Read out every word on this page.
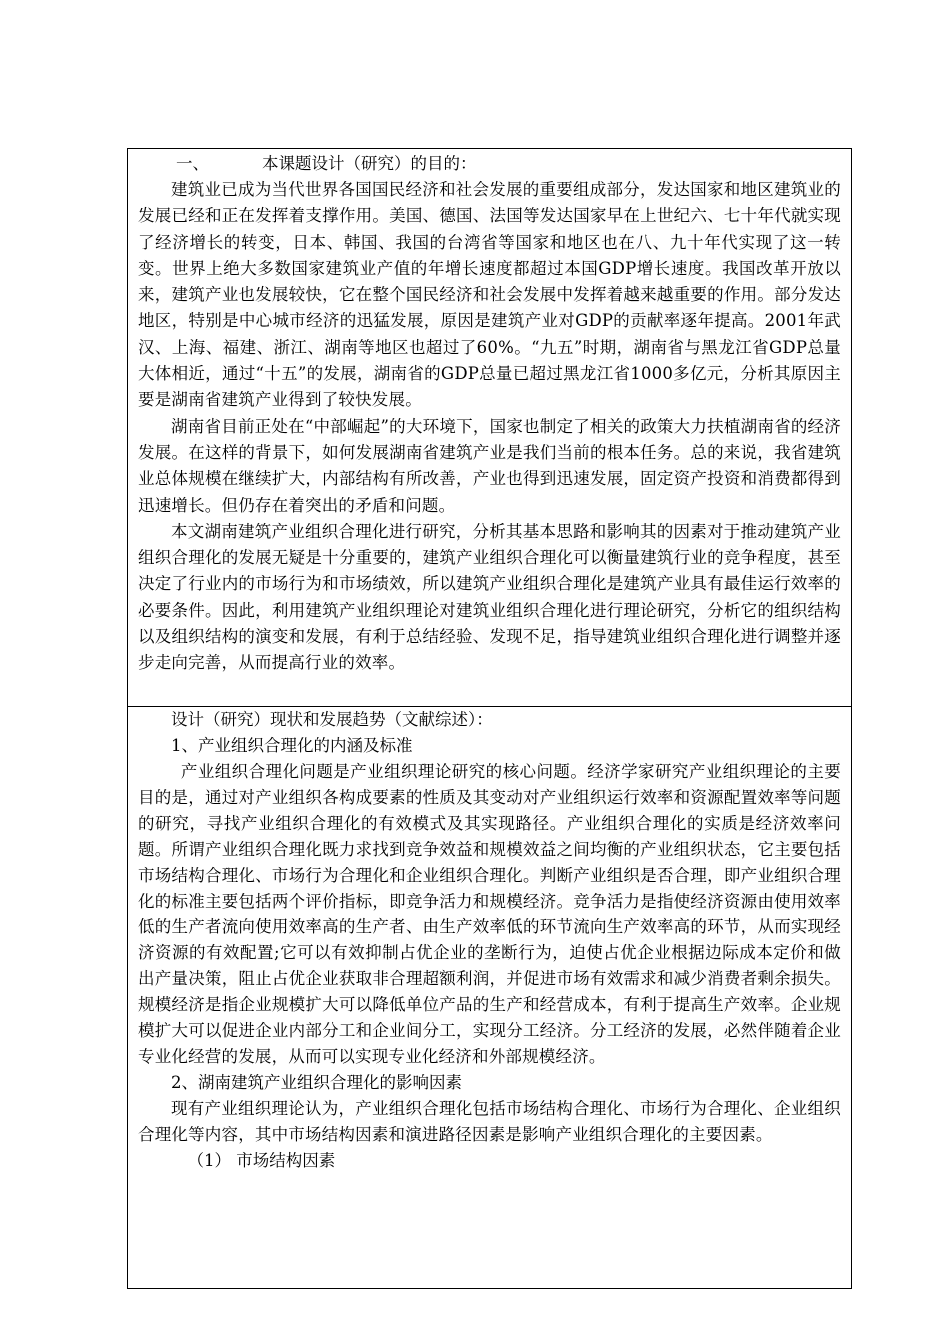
一、	本课题设计（研究）的目的：

建筑业已成为当代世界各国国民经济和社会发展的重要组成部分，发达国家和地区建筑业的发展已经和正在发挥着支撑作用。美国、德国、法国等发达国家早在上世纪六、七十年代就实现了经济增长的转变，日本、韩国、我国的台湾省等国家和地区也在八、九十年代实现了这一转变。世界上绝大多数国家建筑业产值的年增长速度都超过本国GDP增长速度。我国改革开放以来，建筑产业也发展较快，它在整个国民经济和社会发展中发挥着越来越重要的作用。部分发达地区，特别是中心城市经济的迅猛发展，原因是建筑产业对GDP的贡献率逐年提高。2001年武汉、上海、福建、浙江、湖南等地区也超过了60%。“九五”时期，湖南省与黑龙江省GDP总量大体相近，通过“十五”的发展，湖南省的GDP总量已超过黑龙江省1000多亿元，分析其原因主要是湖南省建筑产业得到了较快发展。

湖南省目前正处在“中部崛起”的大环境下，国家也制定了相关的政策大力扶植湖南省的经济发展。在这样的背景下，如何发展湖南省建筑产业是我们当前的根本任务。总的来说，我省建筑业总体规模在继续扩大，内部结构有所改善，产业也得到迅速发展，固定资产投资和消费都得到迅速增长。但仍存在着突出的矛盾和问题。

本文湖南建筑产业组织合理化进行研究，分析其基本思路和影响其的因素对于推动建筑产业组织合理化的发展无疑是十分重要的，建筑产业组织合理化可以衡量建筑行业的竞争程度，甚至决定了行业内的市场行为和市场绩效，所以建筑产业组织合理化是建筑产业具有最佳运行效率的必要条件。因此，利用建筑产业组织理论对建筑业组织合理化进行理论研究，分析它的组织结构以及组织结构的演变和发展，有利于总结经验、发现不足，指导建筑业组织合理化进行调整并逐步走向完善，从而提高行业的效率。

设计（研究）现状和发展趋势（文献综述）：

1、产业组织合理化的内涵及标准

产业组织合理化问题是产业组织理论研究的核心问题。经济学家研究产业组织理论的主要目的是，通过对产业组织各构成要素的性质及其变动对产业组织运行效率和资源配置效率等问题的研究，寻找产业组织合理化的有效模式及其实现路径。产业组织合理化的实质是经济效率问题。所谓产业组织合理化既力求找到竞争效益和规模效益之间均衡的产业组织状态，它主要包括市场结构合理化、市场行为合理化和企业组织合理化。判断产业组织是否合理，即产业组织合理化的标准主要包括两个评价指标，即竞争活力和规模经济。竞争活力是指使经济资源由使用效率低的生产者流向使用效率高的生产者、由生产效率低的环节流向生产效率高的环节，从而实现经济资源的有效配置;它可以有效抑制占优企业的垄断行为，迫使占优企业根据边际成本定价和做出产量决策，阻止占优企业获取非合理超额利润，并促进市场有效需求和减少消费者剩余损失。规模经济是指企业规模扩大可以降低单位产品的生产和经营成本，有利于提高生产效率。企业规模扩大可以促进企业内部分工和企业间分工，实现分工经济。分工经济的发展，必然伴随着企业专业化经营的发展，从而可以实现专业化经济和外部规模经济。

2、湖南建筑产业组织合理化的影响因素

现有产业组织理论认为，产业组织合理化包括市场结构合理化、市场行为合理化、企业组织合理化等内容，其中市场结构因素和演进路径因素是影响产业组织合理化的主要因素。

（1） 市场结构因素
